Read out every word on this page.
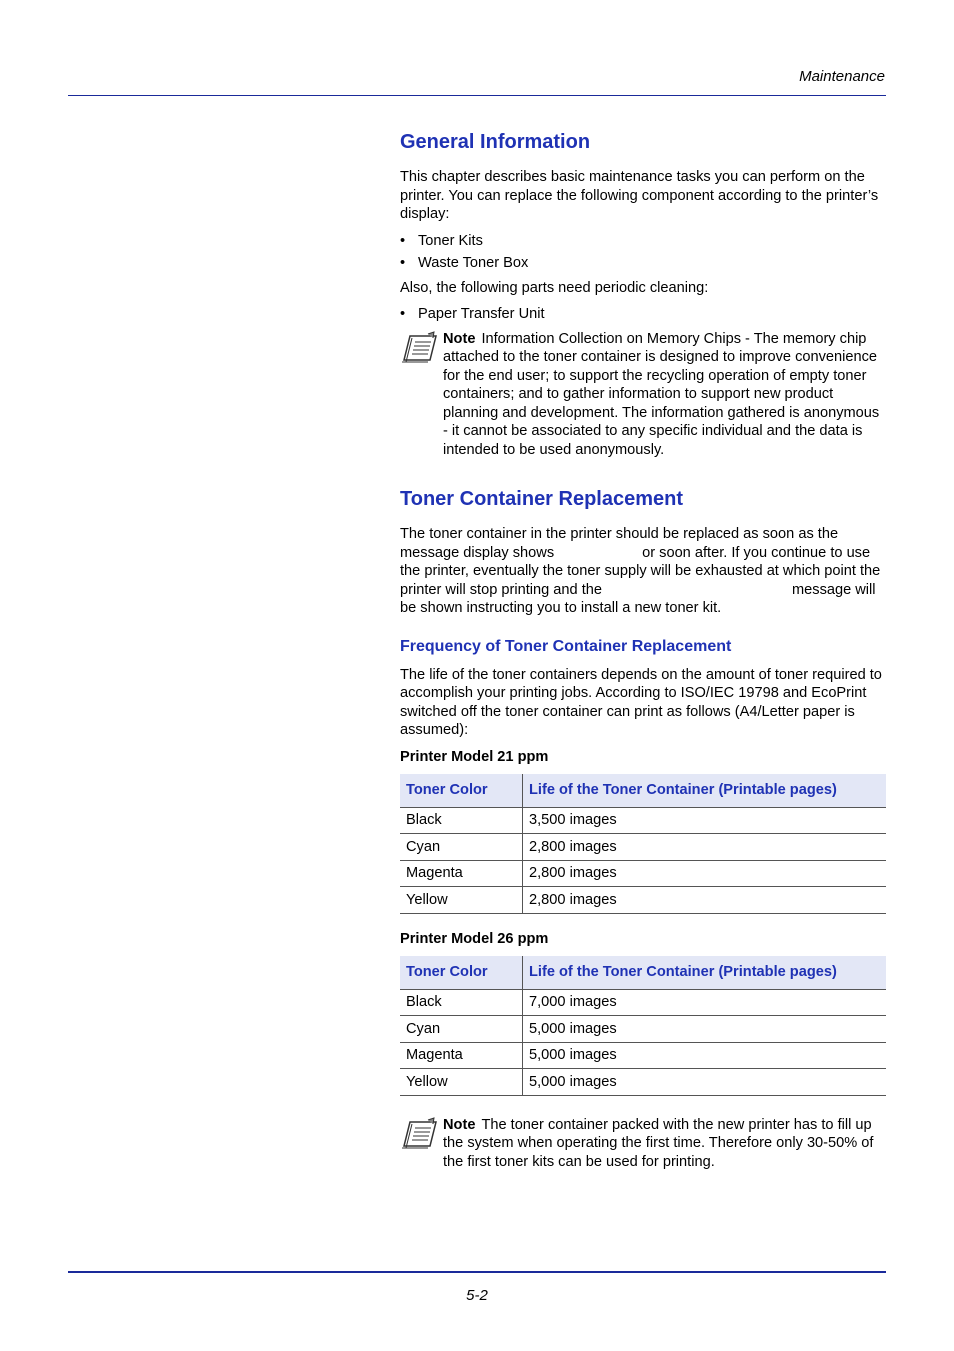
Maintenance
General Information

This chapter describes basic maintenance tasks you can perform on the printer. You can replace the following component according to the printer’s display:

• Toner Kits
• Waste Toner Box

Also, the following parts need periodic cleaning:

• Paper Transfer Unit
Note Information Collection on Memory Chips - The memory chip attached to the toner container is designed to improve convenience for the end user; to support the recycling operation of empty toner containers; and to gather information to support new product planning and development. The information gathered is anonymous - it cannot be associated to any specific individual and the data is intended to be used anonymously.
Toner Container Replacement

The toner container in the printer should be replaced as soon as the message display shows	or soon after. If you continue to use the printer, eventually the toner supply will be exhausted at which point the printer will stop printing and the	message will be shown instructing you to install a new toner kit.

Frequency of Toner Container Replacement

The life of the toner containers depends on the amount of toner required to accomplish your printing jobs. According to ISO/IEC 19798 and EcoPrint switched off the toner container can print as follows (A4/Letter paper is assumed):

Printer Model 21 ppm
Toner Color	Life of the Toner Container (Printable pages)
Black	3,500 images
Cyan	2,800 images
Magenta	2,800 images
Yellow	2,800 images
Printer Model 26 ppm
Toner Color	Life of the Toner Container (Printable pages)
Black	7,000 images
Cyan	5,000 images
Magenta	5,000 images
Yellow	5,000 images
Note The toner container packed with the new printer has to fill up the system when operating the first time. Therefore only 30-50% of the first toner kits can be used for printing.
5-2
